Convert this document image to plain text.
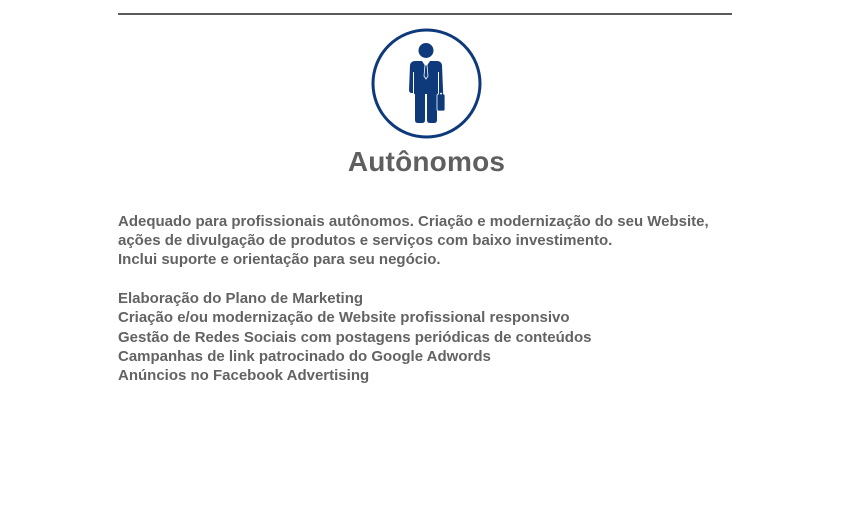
Autônomos
Adequado para profissionais autônomos. Criação e modernização do seu Website,
ações de divulgação de produtos e serviços com baixo investimento.
Inclui suporte e orientação para seu negócio.
Elaboração do Plano de Marketing
Criação e/ou modernização de Website profissional responsivo
Gestão de Redes Sociais com postagens periódicas de conteúdos
Campanhas de link patrocinado do Google Adwords
Anúncios no Facebook Advertising
